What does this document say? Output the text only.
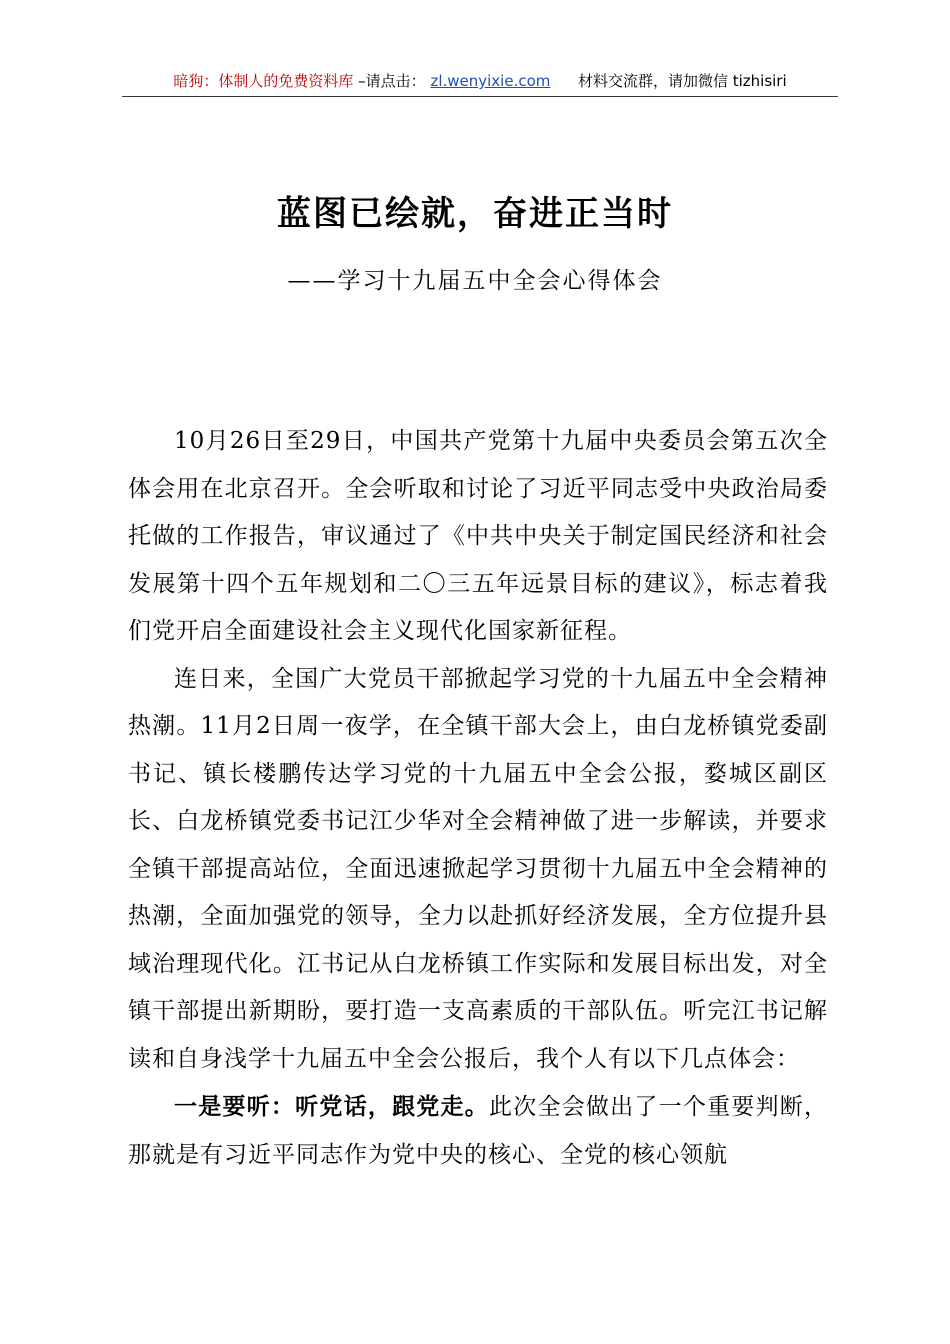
暗狗：体制人的免费资料库 –请点击： zl.wenyixie.com 材料交流群，请加微信 tizhisiri
蓝图已绘就，奋进正当时
——学习十九届五中全会心得体会

10月26日至29日，中国共产党第十九届中央委员会第五次全体会用在北京召开。全会听取和讨论了习近平同志受中央政治局委托做的工作报告，审议通过了《中共中央关于制定国民经济和社会发展第十四个五年规划和二〇三五年远景目标的建议》，标志着我们党开启全面建设社会主义现代化国家新征程。

连日来，全国广大党员干部掀起学习党的十九届五中全会精神热潮。11月2日周一夜学，在全镇干部大会上，由白龙桥镇党委副书记、镇长楼鹏传达学习党的十九届五中全会公报，婺城区副区长、白龙桥镇党委书记江少华对全会精神做了进一步解读，并要求全镇干部提高站位，全面迅速掀起学习贯彻十九届五中全会精神的热潮，全面加强党的领导，全力以赴抓好经济发展，全方位提升县域治理现代化。江书记从白龙桥镇工作实际和发展目标出发，对全镇干部提出新期盼，要打造一支高素质的干部队伍。听完江书记解读和自身浅学十九届五中全会公报后，我个人有以下几点体会：

一是要听：听党话，跟党走。此次全会做出了一个重要判断，那就是有习近平同志作为党中央的核心、全党的核心领航
